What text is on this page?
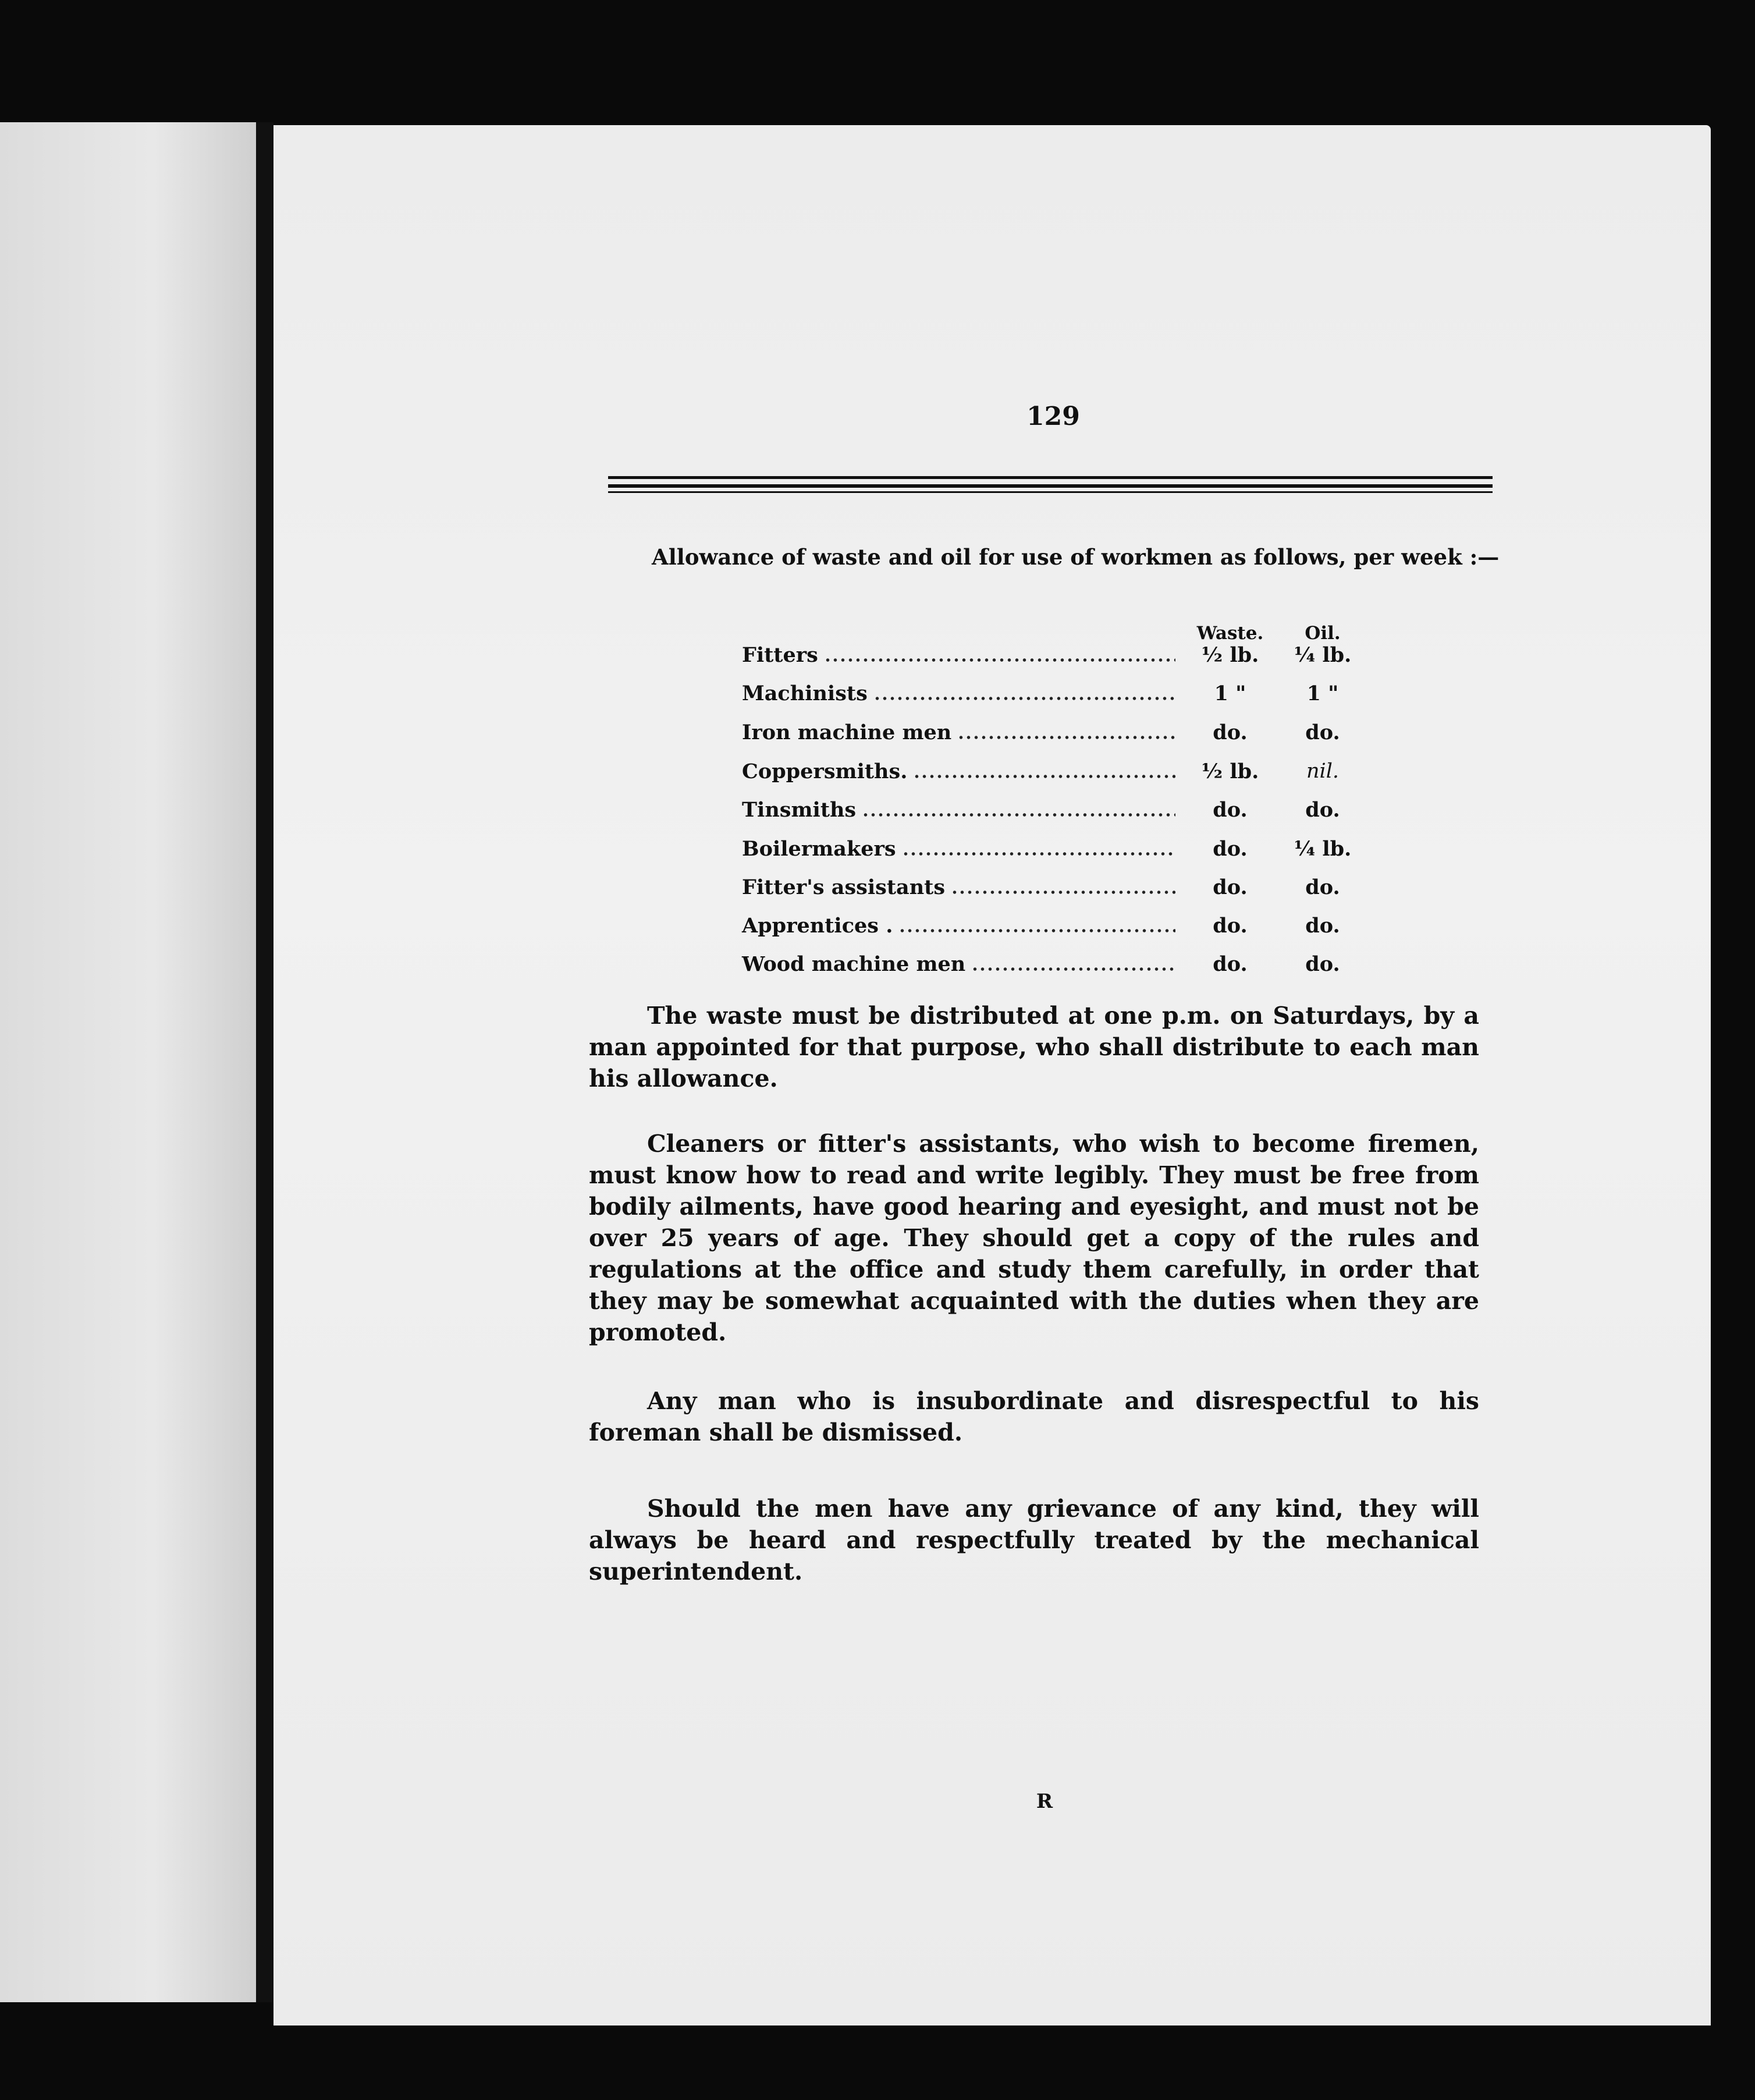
129
Allowance of waste and oil for use of workmen as follows, per week :—
Waste.	Oil.
Fitters	½ lb.	¼ lb.
Machinists	1 "	1 "
Iron machine men	do.	do.
Coppersmiths.	½ lb.	nil.
Tinsmiths	do.	do.
Boilermakers	do.	¼ lb.
Fitter's assistants	do.	do.
Apprentices .	do.	do.
Wood machine men	do.	do.

The waste must be distributed at one p.m. on Saturdays, by a man appointed for that purpose, who shall distribute to each man his allowance.

Cleaners or fitter's assistants, who wish to become firemen, must know how to read and write legibly. They must be free from bodily ailments, have good hearing and eyesight, and must not be over 25 years of age. They should get a copy of the rules and regulations at the office and study them carefully, in order that they may be somewhat acquainted with the duties when they are promoted.

Any man who is insubordinate and disrespectful to his foreman shall be dismissed.

Should the men have any grievance of any kind, they will always be heard and respectfully treated by the mechanical superintendent.

R
